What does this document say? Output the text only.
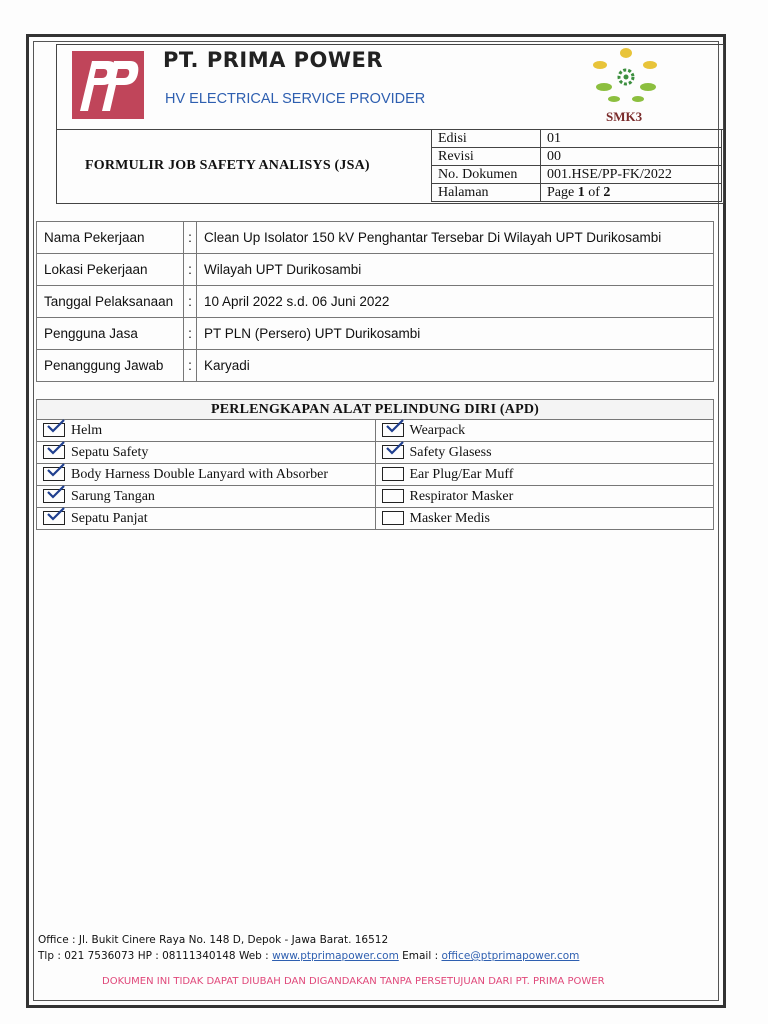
PT. PRIMA POWER
HV ELECTRICAL SERVICE PROVIDER
SMK3
FORMULIR JOB SAFETY ANALISYS (JSA)
Edisi	01
Revisi	00
No. Dokumen	001.HSE/PP-FK/2022
Halaman	Page 1 of 2
Nama Pekerjaan	:	Clean Up Isolator 150 kV Penghantar Tersebar Di Wilayah UPT Durikosambi
Lokasi Pekerjaan	:	Wilayah UPT Durikosambi
Tanggal Pelaksanaan	:	10 April 2022 s.d. 06 Juni 2022
Pengguna Jasa	:	PT PLN (Persero) UPT Durikosambi
Penanggung Jawab	:	Karyadi
PERLENGKAPAN ALAT PELINDUNG DIRI (APD)	

Helm	Wearpack

Sepatu Safety	Safety Glasess

Body Harness Double Lanyard with Absorber	Ear Plug/Ear Muff

Sarung Tangan	Respirator Masker

Sepatu Panjat	Masker Medis
Office : Jl. Bukit Cinere Raya No. 148 D, Depok - Jawa Barat. 16512
Tlp : 021 7536073 HP : 08111340148 Web : www.ptprimapower.com Email : office@ptprimapower.com
DOKUMEN INI TIDAK DAPAT DIUBAH DAN DIGANDAKAN TANPA PERSETUJUAN DARI PT. PRIMA POWER
